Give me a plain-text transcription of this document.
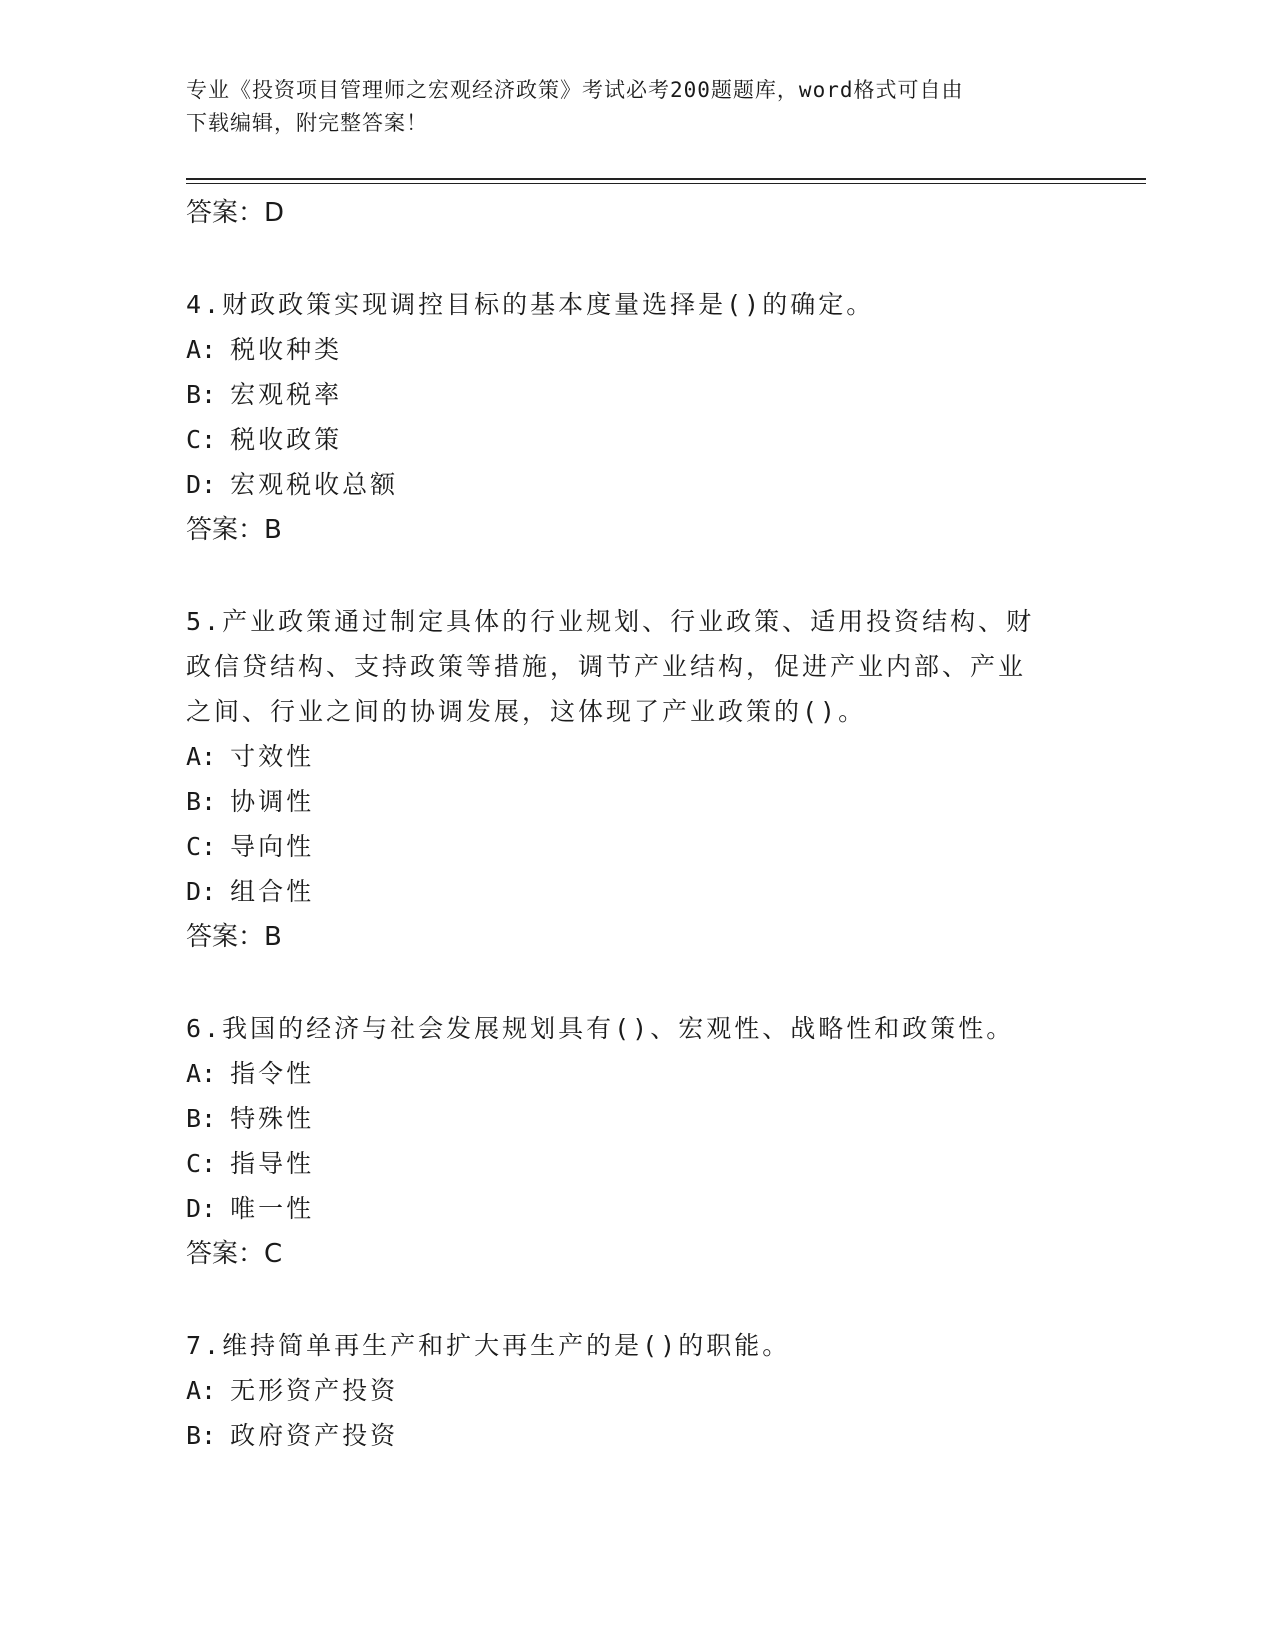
专业《投资项目管理师之宏观经济政策》考试必考200题题库，word格式可自由
下载编辑，附完整答案！
答案：D
4.财政政策实现调控目标的基本度量选择是()的确定。
A: 税收种类
B: 宏观税率
C: 税收政策
D: 宏观税收总额
答案：B
5.产业政策通过制定具体的行业规划、行业政策、适用投资结构、财
政信贷结构、支持政策等措施，调节产业结构，促进产业内部、产业
之间、行业之间的协调发展，这体现了产业政策的()。
A: 寸效性
B: 协调性
C: 导向性
D: 组合性
答案：B
6.我国的经济与社会发展规划具有()、宏观性、战略性和政策性。
A: 指令性
B: 特殊性
C: 指导性
D: 唯一性
答案：C
7.维持简单再生产和扩大再生产的是()的职能。
A: 无形资产投资
B: 政府资产投资
